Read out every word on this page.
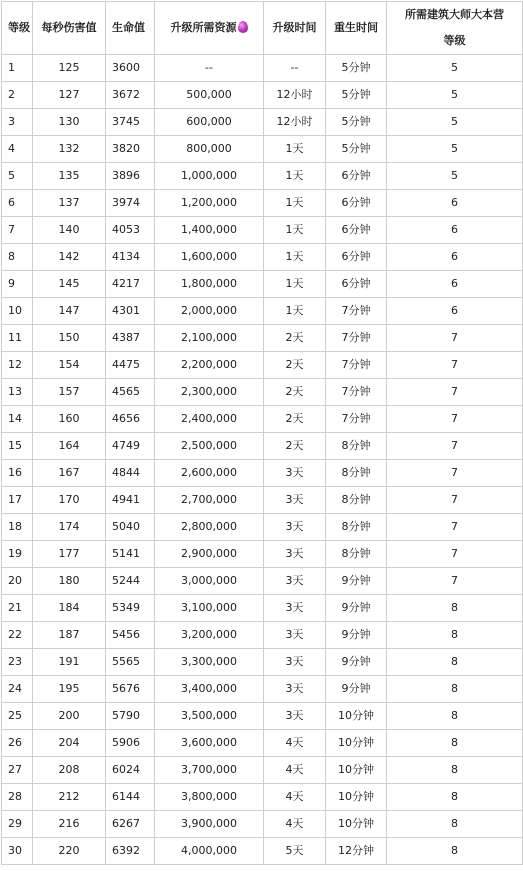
等级	每秒伤害值	生命值	升级所需资源	升级时间	重生时间	所需建筑大师大本营
等级

1	125	3600	--	--	5分钟	5
2	127	3672	500,000	12小时	5分钟	5
3	130	3745	600,000	12小时	5分钟	5
4	132	3820	800,000	1天	5分钟	5
5	135	3896	1,000,000	1天	6分钟	5
6	137	3974	1,200,000	1天	6分钟	6
7	140	4053	1,400,000	1天	6分钟	6
8	142	4134	1,600,000	1天	6分钟	6
9	145	4217	1,800,000	1天	6分钟	6
10	147	4301	2,000,000	1天	7分钟	6
11	150	4387	2,100,000	2天	7分钟	7
12	154	4475	2,200,000	2天	7分钟	7
13	157	4565	2,300,000	2天	7分钟	7
14	160	4656	2,400,000	2天	7分钟	7
15	164	4749	2,500,000	2天	8分钟	7
16	167	4844	2,600,000	3天	8分钟	7
17	170	4941	2,700,000	3天	8分钟	7
18	174	5040	2,800,000	3天	8分钟	7
19	177	5141	2,900,000	3天	8分钟	7
20	180	5244	3,000,000	3天	9分钟	7
21	184	5349	3,100,000	3天	9分钟	8
22	187	5456	3,200,000	3天	9分钟	8
23	191	5565	3,300,000	3天	9分钟	8
24	195	5676	3,400,000	3天	9分钟	8
25	200	5790	3,500,000	3天	10分钟	8
26	204	5906	3,600,000	4天	10分钟	8
27	208	6024	3,700,000	4天	10分钟	8
28	212	6144	3,800,000	4天	10分钟	8
29	216	6267	3,900,000	4天	10分钟	8
30	220	6392	4,000,000	5天	12分钟	8
